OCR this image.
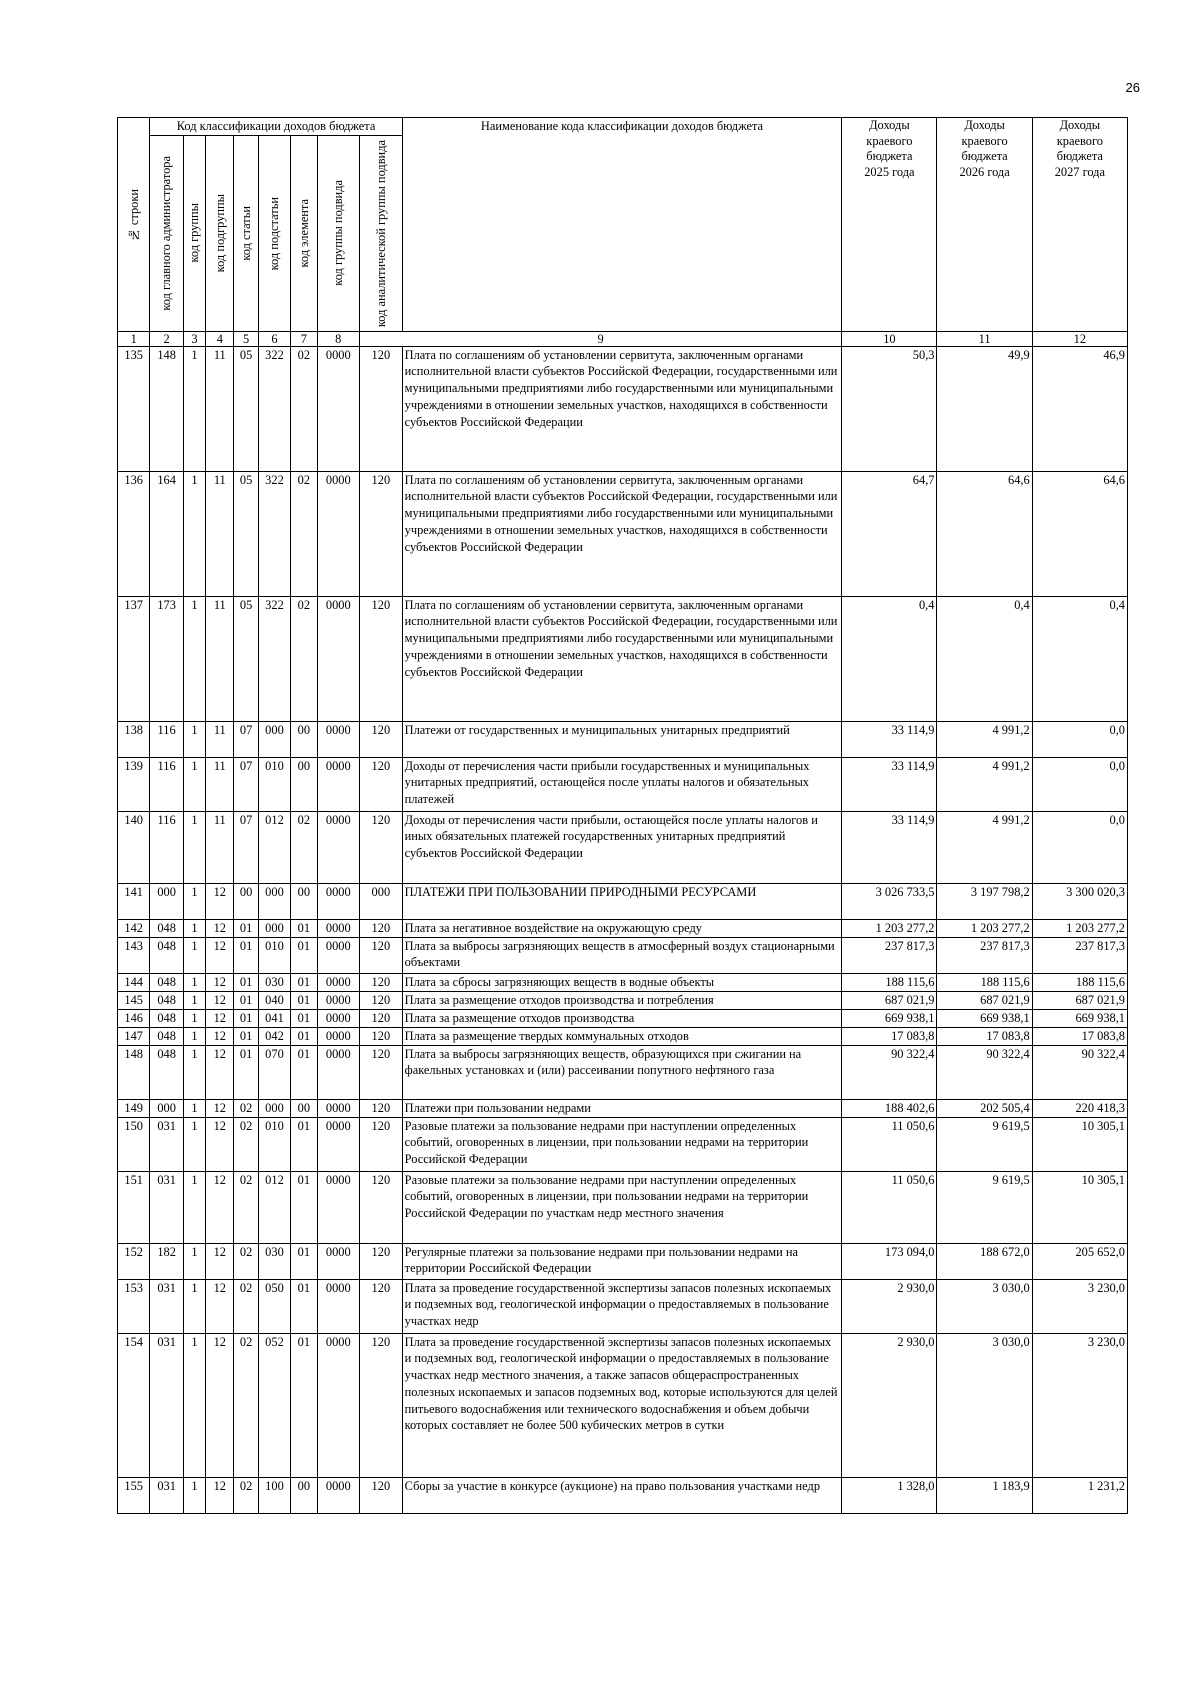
26
№ строки	Код классификации доходов бюджета								Наименование кода классификации доходов бюджета	Доходы
краевого
бюджета
2025 года	Доходы
краевого
бюджета
2026 года	Доходы
краевого
бюджета
2027 года

	код главного администратора	код группы	код подгруппы	код статьи	код подстатьи	код элемента	код группы подвида	код аналитической группы подвида				

1	2	3	4	5	6	7	8	9		10	11	12
135	148	1	11	05	322	02	0000	120	Плата по соглашениям об установлении сервитута, заключенным органами исполнительной власти субъектов Российской Федерации, государственными или муниципальными предприятиями либо государственными или муниципальными учреждениями в отношении земельных участков, находящихся в собственности субъектов Российской Федерации	50,3	49,9	46,9
136	164	1	11	05	322	02	0000	120	Плата по соглашениям об установлении сервитута, заключенным органами исполнительной власти субъектов Российской Федерации, государственными или муниципальными предприятиями либо государственными или муниципальными учреждениями в отношении земельных участков, находящихся в собственности субъектов Российской Федерации	64,7	64,6	64,6
137	173	1	11	05	322	02	0000	120	Плата по соглашениям об установлении сервитута, заключенным органами исполнительной власти субъектов Российской Федерации, государственными или муниципальными предприятиями либо государственными или муниципальными учреждениями в отношении земельных участков, находящихся в собственности субъектов Российской Федерации	0,4	0,4	0,4
138	116	1	11	07	000	00	0000	120	Платежи от государственных и муниципальных унитарных предприятий	33 114,9	4 991,2	0,0
139	116	1	11	07	010	00	0000	120	Доходы от перечисления части прибыли государственных и муниципальных унитарных предприятий, остающейся после уплаты налогов и обязательных платежей	33 114,9	4 991,2	0,0
140	116	1	11	07	012	02	0000	120	Доходы от перечисления части прибыли, остающейся после уплаты налогов и иных обязательных платежей государственных унитарных предприятий субъектов Российской Федерации	33 114,9	4 991,2	0,0
141	000	1	12	00	000	00	0000	000	ПЛАТЕЖИ ПРИ ПОЛЬЗОВАНИИ ПРИРОДНЫМИ РЕСУРСАМИ	3 026 733,5	3 197 798,2	3 300 020,3
142	048	1	12	01	000	01	0000	120	Плата за негативное воздействие на окружающую среду	1 203 277,2	1 203 277,2	1 203 277,2
143	048	1	12	01	010	01	0000	120	Плата за выбросы загрязняющих веществ в атмосферный воздух стационарными объектами	237 817,3	237 817,3	237 817,3
144	048	1	12	01	030	01	0000	120	Плата за сбросы загрязняющих веществ в водные объекты	188 115,6	188 115,6	188 115,6
145	048	1	12	01	040	01	0000	120	Плата за размещение отходов производства и потребления	687 021,9	687 021,9	687 021,9
146	048	1	12	01	041	01	0000	120	Плата за размещение отходов производства	669 938,1	669 938,1	669 938,1
147	048	1	12	01	042	01	0000	120	Плата за размещение твердых коммунальных отходов	17 083,8	17 083,8	17 083,8
148	048	1	12	01	070	01	0000	120	Плата за выбросы загрязняющих веществ, образующихся при сжигании на факельных установках и (или) рассеивании попутного нефтяного газа	90 322,4	90 322,4	90 322,4
149	000	1	12	02	000	00	0000	120	Платежи при пользовании недрами	188 402,6	202 505,4	220 418,3
150	031	1	12	02	010	01	0000	120	Разовые платежи за пользование недрами при наступлении определенных событий, оговоренных в лицензии, при пользовании недрами на территории Российской Федерации	11 050,6	9 619,5	10 305,1
151	031	1	12	02	012	01	0000	120	Разовые платежи за пользование недрами при наступлении определенных событий, оговоренных в лицензии, при пользовании недрами на территории Российской Федерации по участкам недр местного значения	11 050,6	9 619,5	10 305,1
152	182	1	12	02	030	01	0000	120	Регулярные платежи за пользование недрами при пользовании недрами на территории Российской Федерации	173 094,0	188 672,0	205 652,0
153	031	1	12	02	050	01	0000	120	Плата за проведение государственной экспертизы запасов полезных ископаемых и подземных вод, геологической информации о предоставляемых в пользование участках недр	2 930,0	3 030,0	3 230,0
154	031	1	12	02	052	01	0000	120	Плата за проведение государственной экспертизы запасов полезных ископаемых и подземных вод, геологической информации о предоставляемых в пользование участках недр местного значения, а также запасов общераспространенных полезных ископаемых и запасов подземных вод, которые используются для целей питьевого водоснабжения или технического водоснабжения и объем добычи которых составляет не более 500 кубических метров в сутки	2 930,0	3 030,0	3 230,0
155	031	1	12	02	100	00	0000	120	Сборы за участие в конкурсе (аукционе) на право пользования участками недр	1 328,0	1 183,9	1 231,2
